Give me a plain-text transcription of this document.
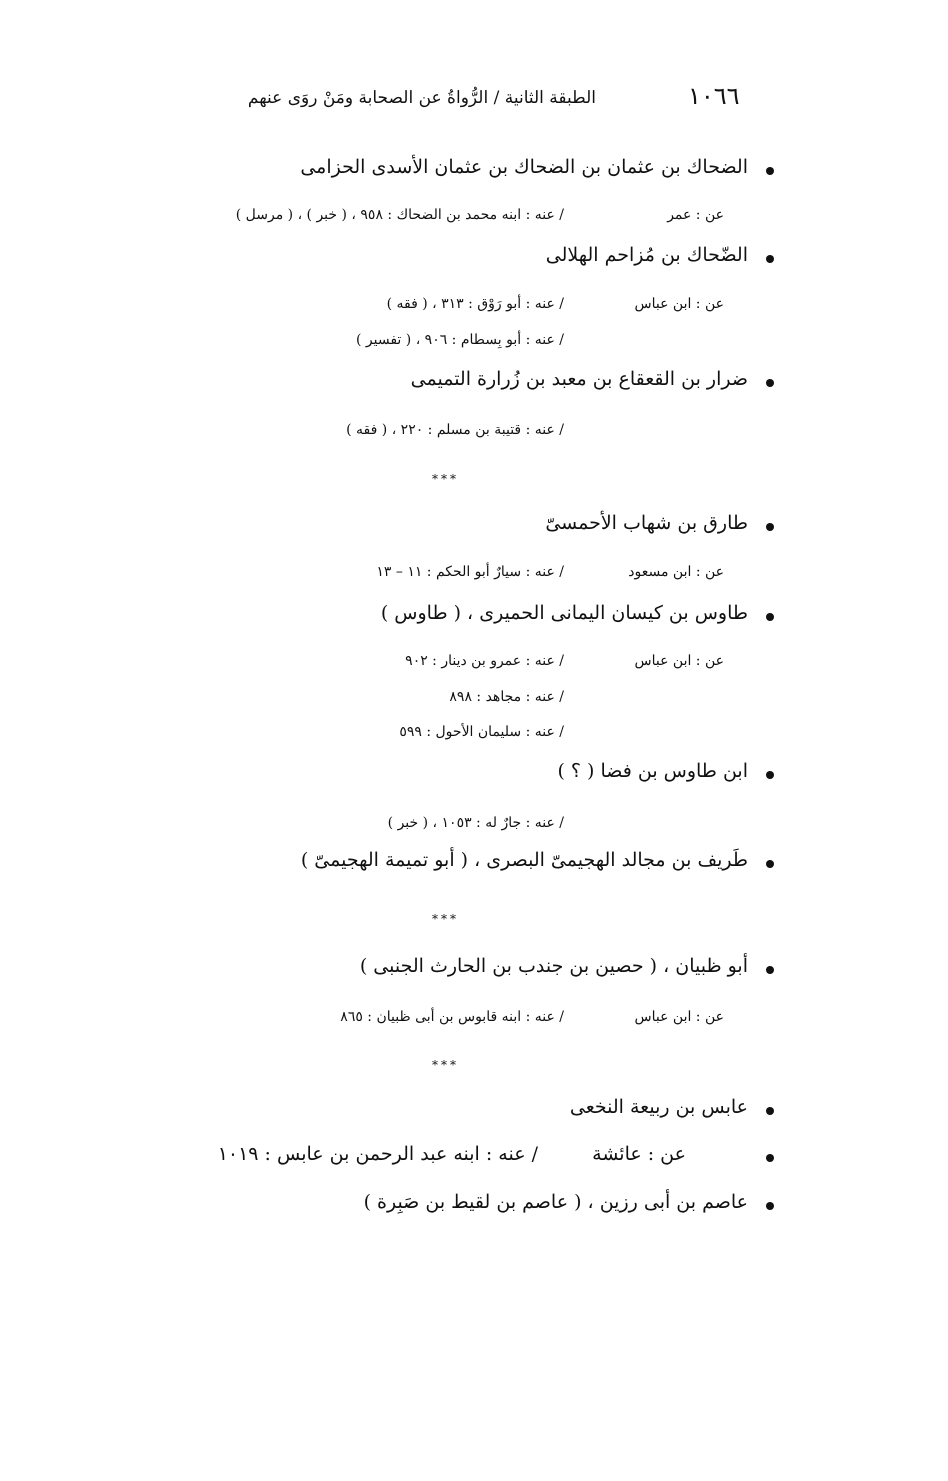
١٠٦٦
الطبقة الثانية / الرُّواةُ عن الصحابة ومَنْ روَى عنهم
الضحاك بن عثمان بن الضحاك بن عثمان الأسدى الحزامى
عن : عمر
/ عنه : ابنه محمد بن الضحاك : ٩٥٨ ، ( خبر ) ، ( مرسل )
الضّحاك بن مُزاحم الهلالى
عن : ابن عباس
/ عنه : أبو رَوْق : ٣١٣ ، ( فقه )
/ عنه : أبو بِسطام : ٩٠٦ ، ( تفسير )
ضرار بن القعقاع بن معبد بن زُرارة التميمى
/ عنه : قتيبة بن مسلم : ٢٢٠ ، ( فقه )
***
طارق بن شهاب الأحمسىّ
عن : ابن مسعود
/ عنه : سيارٌ أبو الحكم : ١١ – ١٣
طاوس بن كيسان اليمانى الحميرى ، ( طاوس )
عن : ابن عباس
/ عنه : عمرو بن دينار : ٩٠٢
/ عنه : مجاهد : ٨٩٨
/ عنه : سليمان الأحول : ٥٩٩
ابن طاوس بن فضا ( ؟ )
/ عنه : جارٌ له : ١٠٥٣ ، ( خبر )
طَريف بن مجالد الهجيمىّ البصرى ، ( أبو تميمة الهجيمىّ )
***
أبو ظبيان ، ( حصين بن جندب بن الحارث الجنبى )
عن : ابن عباس
/ عنه : ابنه قابوس بن أبى ظبيان : ٨٦٥
***
عابس بن ربيعة النخعى
عن : عائشة
/ عنه : ابنه عبد الرحمن بن عابس : ١٠١٩
عاصم بن أبى رزين ، ( عاصم بن لقيط بن صَبِرة )
